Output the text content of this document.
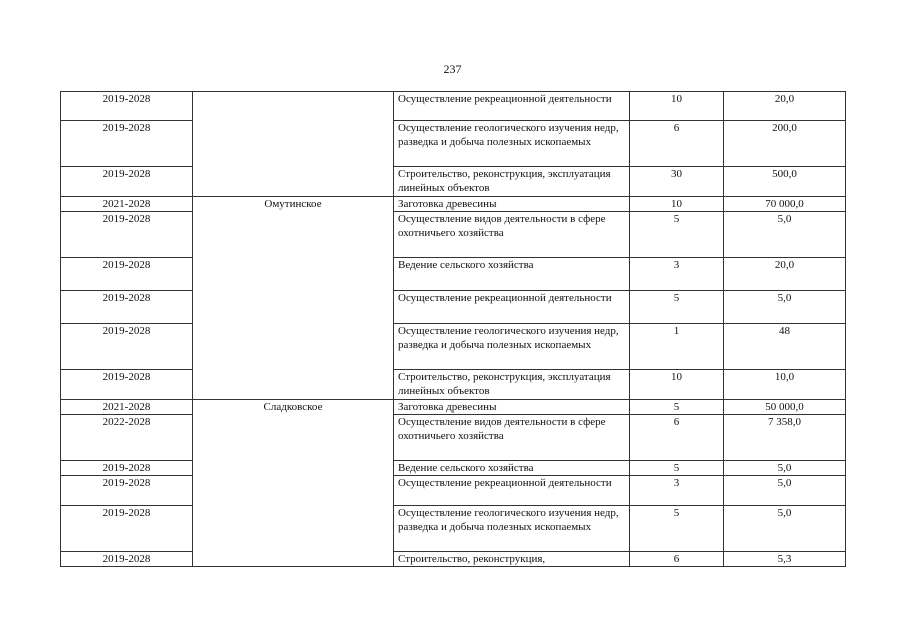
237
2019-2028		Осуществление рекреационной деятельности	10	20,0
2019-2028		Осуществление геологического изучения недр, разведка и добыча полезных ископаемых	6	200,0
2019-2028		Строительство, реконструкция, эксплуатация линейных объектов	30	500,0
2021-2028	Омутинское	Заготовка древесины	10	70 000,0
2019-2028		Осуществление видов деятельности в сфере охотничьего хозяйства	5	5,0
2019-2028		Ведение сельского хозяйства	3	20,0
2019-2028		Осуществление рекреационной деятельности	5	5,0
2019-2028		Осуществление геологического изучения недр, разведка и добыча полезных ископаемых	1	48
2019-2028		Строительство, реконструкция, эксплуатация линейных объектов	10	10,0
2021-2028	Сладковское	Заготовка древесины	5	50 000,0
2022-2028		Осуществление видов деятельности в сфере охотничьего хозяйства	6	7 358,0
2019-2028		Ведение сельского хозяйства	5	5,0
2019-2028		Осуществление рекреационной деятельности	3	5,0
2019-2028		Осуществление геологического изучения недр, разведка и добыча полезных ископаемых	5	5,0
2019-2028		Строительство, реконструкция,	6	5,3
